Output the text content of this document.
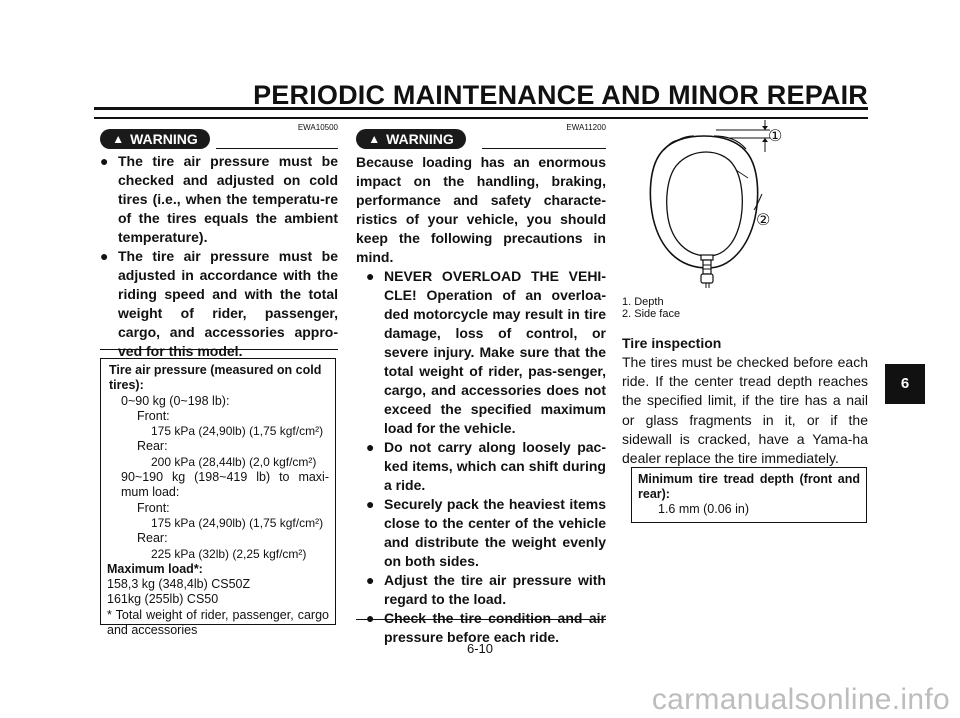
PERIODIC MAINTENANCE AND MINOR REPAIR
EWA10500
▲ WARNING
● The tire air pressure must be checked and adjusted on cold tires (i.e., when the temperatu-re of the tires equals the ambient temperature).
● The tire air pressure must be adjusted in accordance with the riding speed and with the total weight of rider, passenger, cargo, and accessories appro-ved for this model.
Tire air pressure (measured on cold tires):
0~90 kg (0~198 lb):
Front:
175 kPa (24,90lb) (1,75 kgf/cm²)
Rear:
200 kPa (28,44lb) (2,0 kgf/cm²)
90~190 kg (198~419 lb) to maxi-mum load:
Front:
175 kPa (24,90lb) (1,75 kgf/cm²)
Rear:
225 kPa (32lb) (2,25 kgf/cm²)
Maximum load*:
158,3 kg (348,4lb) CS50Z
161kg (255lb) CS50
* Total weight of rider, passenger, cargo and accessories
EWA11200
▲ WARNING

Because loading has an enormous impact on the handling, braking, performance and safety characte-ristics of your vehicle, you should keep the following precautions in mind.

● NEVER OVERLOAD THE VEHI-CLE! Operation of an overloa-ded motorcycle may result in tire damage, loss of control, or severe injury. Make sure that the total weight of rider, pas-senger, cargo, and accessories does not exceed the specified maximum load for the vehicle.
● Do not carry along loosely pac-ked items, which can shift during a ride.
● Securely pack the heaviest items close to the center of the vehicle and distribute the weight evenly on both sides.
● Adjust the tire air pressure with regard to the load.
● Check the tire condition and air pressure before each ride.
①
②
1. Depth
2. Side face
Tire inspection

The tires must be checked before each ride. If the center tread depth reaches the specified limit, if the tire has a nail or glass fragments in it, or if the sidewall is cracked, have a Yama-ha dealer replace the tire immediately.

Minimum tire tread depth (front and rear):
1.6 mm (0.06 in)
6
6-10
carmanualsonline.info
